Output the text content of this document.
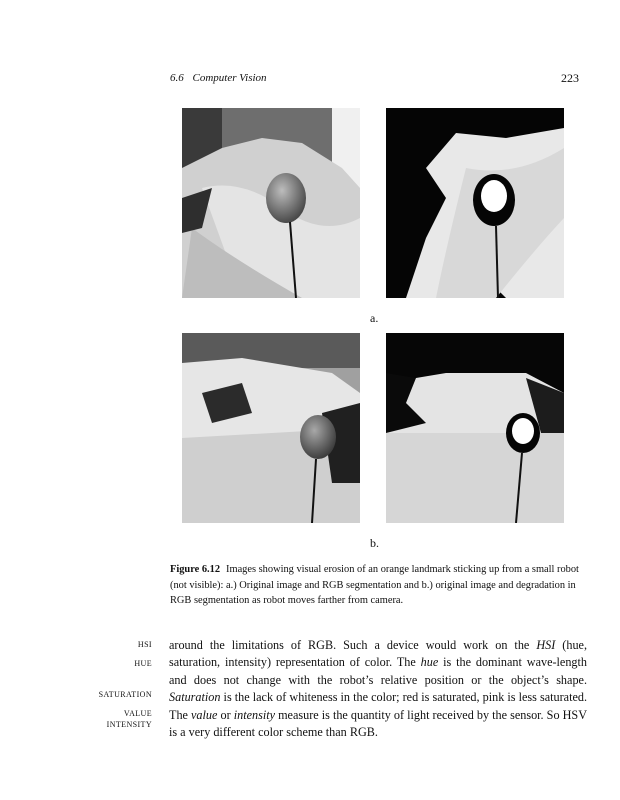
6.6 Computer Vision	223
a.
b.
Figure 6.12 Images showing visual erosion of an orange landmark sticking up from a small robot (not visible): a.) Original image and RGB segmentation and b.) original image and degradation in RGB segmentation as robot moves farther from camera.
HSI
HUE
SATURATION
VALUE
INTENSITY

around the limitations of RGB. Such a device would work on the HSI (hue, saturation, intensity) representation of color. The hue is the dominant wave-length and does not change with the robot’s relative position or the object’s shape. Saturation is the lack of whiteness in the color; red is saturated, pink is less saturated. The value or intensity measure is the quantity of light received by the sensor. So HSV is a very different color scheme than RGB.
